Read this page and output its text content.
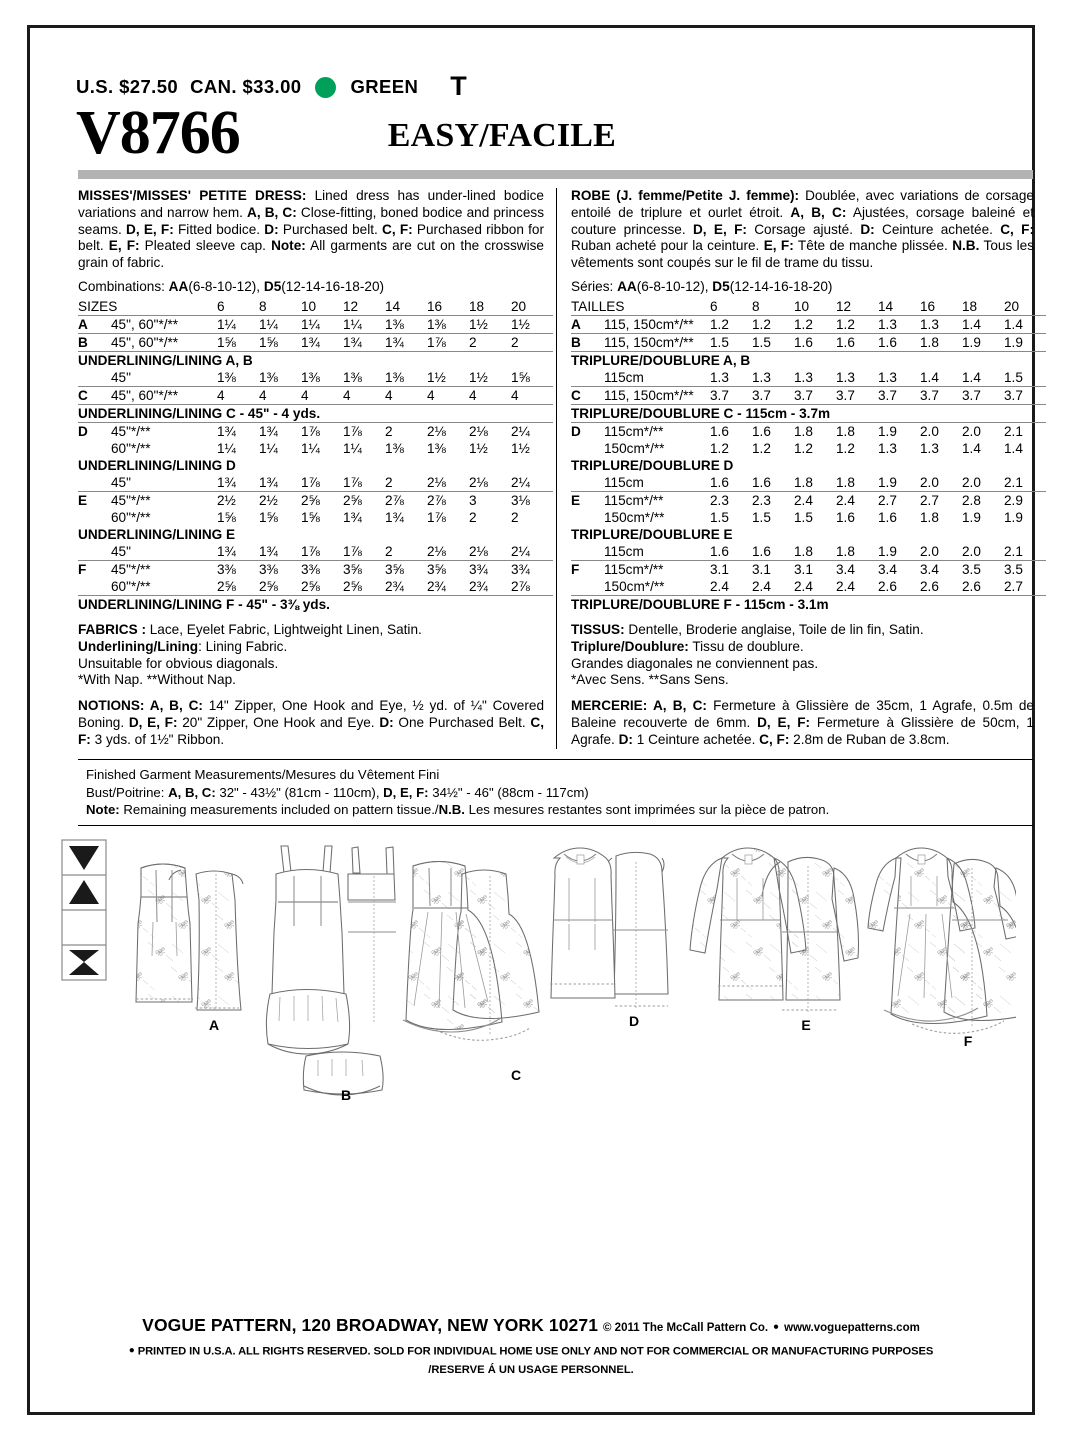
U.S. $27.50 CAN. $33.00	GREEN T
V8766	EASY/FACILE

MISSES'/MISSES' PETITE DRESS: Lined dress has under-lined bodice variations and narrow hem. A, B, C: Close-fitting, boned bodice and princess seams. D, E, F: Fitted bodice. D: Purchased belt. C, F: Purchased ribbon for belt. E, F: Pleated sleeve cap. Note: All garments are cut on the crosswise grain of fabric.

Combinations: AA(6-8-10-12), D5(12-14-16-18-20)

SIZES		6	8	10	12	14	16	18	20
A	45", 60"*/**	1¼	1¼	1¼	1¼	1⅜	1⅜	1½	1½
B	45", 60"*/**	1⅝	1⅝	1¾	1¾	1¾	1⅞	2	2
UNDERLINING/LINING A, B									
	45"	1⅜	1⅜	1⅜	1⅜	1⅜	1½	1½	1⅝
C	45", 60"*/**	4	4	4	4	4	4	4	4
UNDERLINING/LINING C - 45" - 4 yds.									
D	45"*/**	1¾	1¾	1⅞	1⅞	2	2⅛	2⅛	2¼
	60"*/**	1¼	1¼	1¼	1¼	1⅜	1⅜	1½	1½
UNDERLINING/LINING D									
	45"	1¾	1¾	1⅞	1⅞	2	2⅛	2⅛	2¼
E	45"*/**	2½	2½	2⅝	2⅝	2⅞	2⅞	3	3⅛
	60"*/**	1⅝	1⅝	1⅝	1¾	1¾	1⅞	2	2
UNDERLINING/LINING E									
	45"	1¾	1¾	1⅞	1⅞	2	2⅛	2⅛	2¼
F	45"*/**	3⅜	3⅜	3⅜	3⅝	3⅝	3⅝	3¾	3¾
	60"*/**	2⅝	2⅝	2⅝	2⅝	2¾	2¾	2¾	2⅞
UNDERLINING/LINING F - 45" - 3⅜ yds.									

FABRICS : Lace, Eyelet Fabric, Lightweight Linen, Satin.
Underlining/Lining: Lining Fabric.
Unsuitable for obvious diagonals.
*With Nap. **Without Nap.

NOTIONS: A, B, C: 14" Zipper, One Hook and Eye, ½ yd. of ¼" Covered Boning. D, E, F: 20" Zipper, One Hook and Eye. D: One Purchased Belt. C, F: 3 yds. of 1½" Ribbon.

ROBE (J. femme/Petite J. femme): Doublée, avec variations de corsage entoilé de triplure et ourlet étroit. A, B, C: Ajustées, corsage baleiné et couture princesse. D, E, F: Corsage ajusté. D: Ceinture achetée. C, F: Ruban acheté pour la ceinture. E, F: Tête de manche plissée. N.B. Tous les vêtements sont coupés sur le fil de trame du tissu.

Séries: AA(6-8-10-12), D5(12-14-16-18-20)

TAILLES		6	8	10	12	14	16	18	20
A	115, 150cm*/**	1.2	1.2	1.2	1.2	1.3	1.3	1.4	1.4
B	115, 150cm*/**	1.5	1.5	1.6	1.6	1.6	1.8	1.9	1.9
TRIPLURE/DOUBLURE A, B									
	115cm	1.3	1.3	1.3	1.3	1.3	1.4	1.4	1.5
C	115, 150cm*/**	3.7	3.7	3.7	3.7	3.7	3.7	3.7	3.7
TRIPLURE/DOUBLURE C - 115cm - 3.7m									
D	115cm*/**	1.6	1.6	1.8	1.8	1.9	2.0	2.0	2.1
	150cm*/**	1.2	1.2	1.2	1.2	1.3	1.3	1.4	1.4
TRIPLURE/DOUBLURE D									
	115cm	1.6	1.6	1.8	1.8	1.9	2.0	2.0	2.1
E	115cm*/**	2.3	2.3	2.4	2.4	2.7	2.7	2.8	2.9
	150cm*/**	1.5	1.5	1.5	1.6	1.6	1.8	1.9	1.9
TRIPLURE/DOUBLURE E									
	115cm	1.6	1.6	1.8	1.8	1.9	2.0	2.0	2.1
F	115cm*/**	3.1	3.1	3.1	3.4	3.4	3.4	3.5	3.5
	150cm*/**	2.4	2.4	2.4	2.4	2.6	2.6	2.6	2.7
TRIPLURE/DOUBLURE F - 115cm - 3.1m									

TISSUS: Dentelle, Broderie anglaise, Toile de lin fin, Satin.
Triplure/Doublure: Tissu de doublure.
Grandes diagonales ne conviennent pas.
*Avec Sens. **Sans Sens.

MERCERIE: A, B, C: Fermeture à Glissière de 35cm, 1 Agrafe, 0.5m de Baleine recouverte de 6mm. D, E, F: Fermeture à Glissière de 50cm, 1 Agrafe. D: 1 Ceinture achetée. C, F: 2.8m de Ruban de 3.8cm.

Finished Garment Measurements/Mesures du Vêtement Fini
Bust/Poitrine: A, B, C: 32" - 43½" (81cm - 110cm), D, E, F: 34½" - 46" (88cm - 117cm)
Note: Remaining measurements included on pattern tissue./N.B. Les mesures restantes sont imprimées sur la pièce de patron.
A
B
C
D	E
F
VOGUE PATTERN, 120 BROADWAY, NEW YORK 10271 © 2011 The McCall Pattern Co. ● www.voguepatterns.com
● PRINTED IN U.S.A. ALL RIGHTS RESERVED. SOLD FOR INDIVIDUAL HOME USE ONLY AND NOT FOR COMMERCIAL OR MANUFACTURING PURPOSES
/RESERVE Á UN USAGE PERSONNEL.
